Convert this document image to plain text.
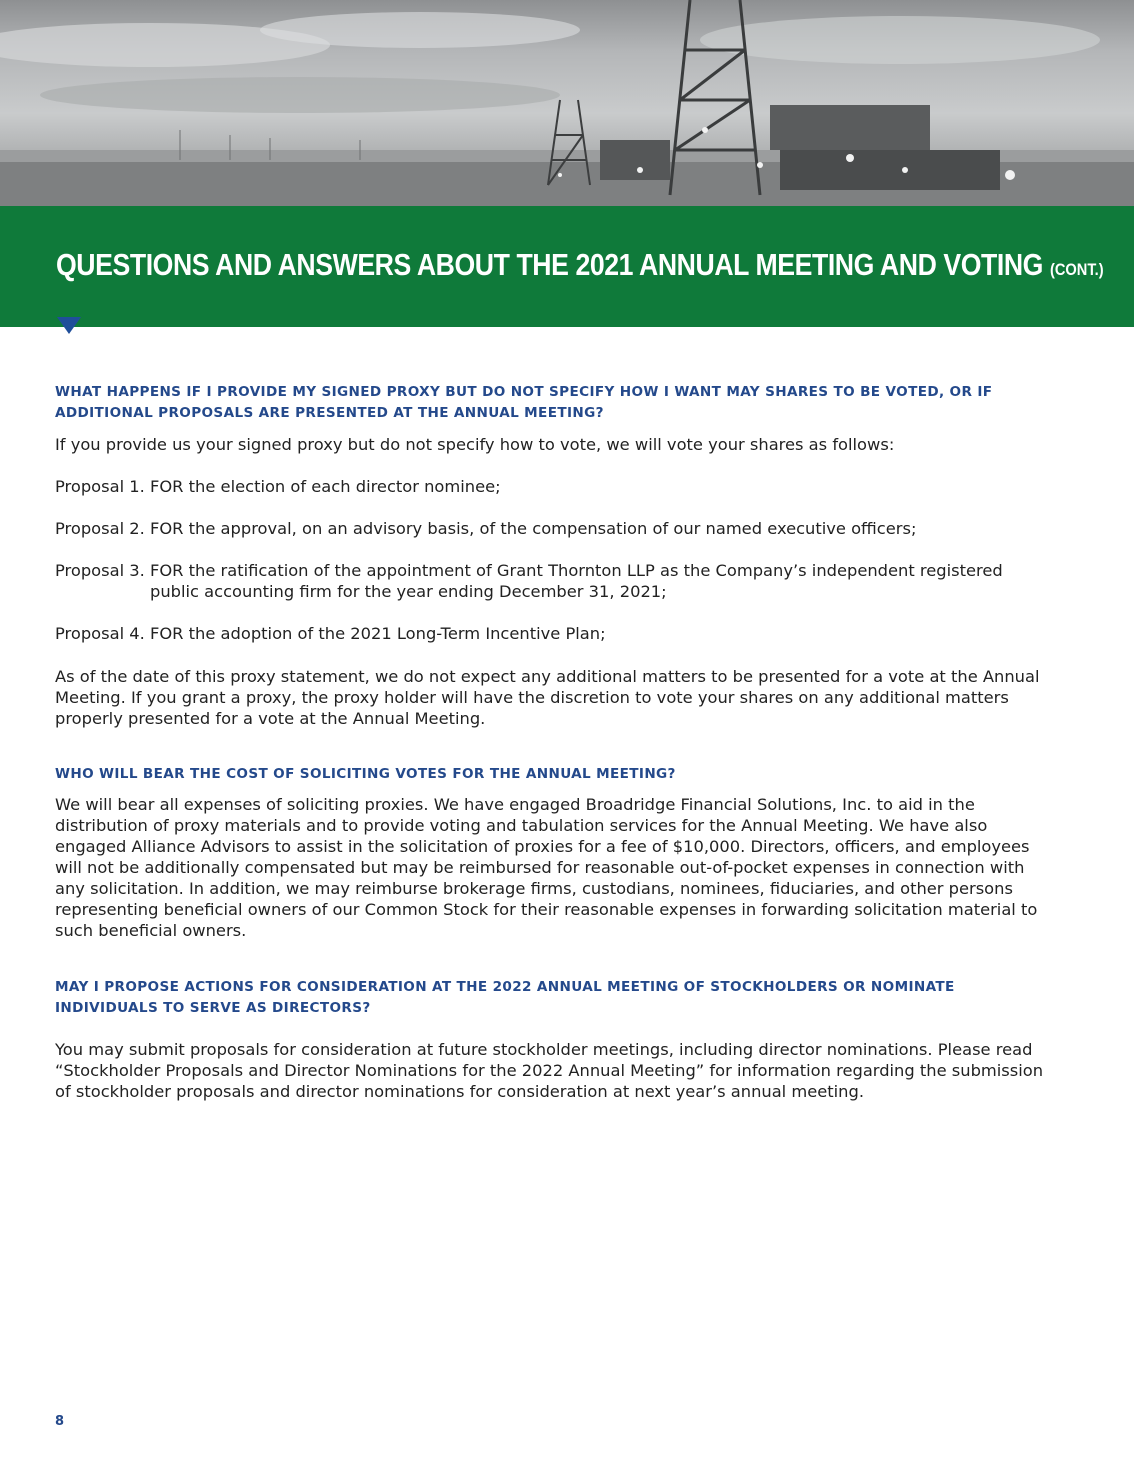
QUESTIONS AND ANSWERS ABOUT THE 2021 ANNUAL MEETING AND VOTING (CONT.)

WHAT HAPPENS IF I PROVIDE MY SIGNED PROXY BUT DO NOT SPECIFY HOW I WANT MAY SHARES TO BE VOTED, OR IF ADDITIONAL PROPOSALS ARE PRESENTED AT THE ANNUAL MEETING?

If you provide us your signed proxy but do not specify how to vote, we will vote your shares as follows:

Proposal 1. FOR the election of each director nominee;

Proposal 2. FOR the approval, on an advisory basis, of the compensation of our named executive officers;

Proposal 3. FOR the ratification of the appointment of Grant Thornton LLP as the Company’s independent registered public accounting firm for the year ending December 31, 2021;

Proposal 4. FOR the adoption of the 2021 Long-Term Incentive Plan;

As of the date of this proxy statement, we do not expect any additional matters to be presented for a vote at the Annual Meeting. If you grant a proxy, the proxy holder will have the discretion to vote your shares on any additional matters properly presented for a vote at the Annual Meeting.

WHO WILL BEAR THE COST OF SOLICITING VOTES FOR THE ANNUAL MEETING?

We will bear all expenses of soliciting proxies. We have engaged Broadridge Financial Solutions, Inc. to aid in the distribution of proxy materials and to provide voting and tabulation services for the Annual Meeting. We have also engaged Alliance Advisors to assist in the solicitation of proxies for a fee of $10,000. Directors, officers, and employees will not be additionally compensated but may be reimbursed for reasonable out-of-pocket expenses in connection with any solicitation. In addition, we may reimburse brokerage firms, custodians, nominees, fiduciaries, and other persons representing beneficial owners of our Common Stock for their reasonable expenses in forwarding solicitation material to such beneficial owners.

MAY I PROPOSE ACTIONS FOR CONSIDERATION AT THE 2022 ANNUAL MEETING OF STOCKHOLDERS OR NOMINATE INDIVIDUALS TO SERVE AS DIRECTORS?

You may submit proposals for consideration at future stockholder meetings, including director nominations. Please read “Stockholder Proposals and Director Nominations for the 2022 Annual Meeting” for information regarding the submission of stockholder proposals and director nominations for consideration at next year’s annual meeting.

8
